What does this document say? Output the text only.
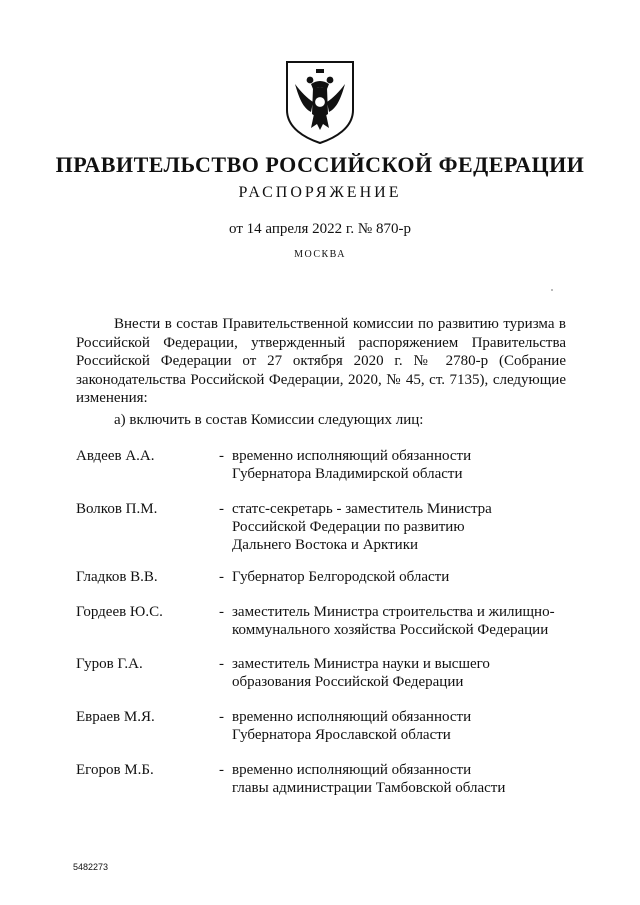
ПРАВИТЕЛЬСТВО РОССИЙСКОЙ ФЕДЕРАЦИИ
РАСПОРЯЖЕНИЕ
от 14 апреля 2022 г. № 870-р
МОСКВА

Внести в состав Правительственной комиссии по развитию туризма в Российской Федерации, утвержденный распоряжением Правительства Российской Федерации от 27 октября 2020 г. № 2780-р (Собрание законодательства Российской Федерации, 2020, № 45, ст. 7135), следующие изменения:

а) включить в состав Комиссии следующих лиц:
Авдеев А.А.	- временно исполняющий обязанности
Губернатора Владимирской области
Волков П.М.	- статс-секретарь - заместитель Министра
Российской Федерации по развитию
Дальнего Востока и Арктики
Гладков В.В.	- Губернатор Белгородской области
Гордеев Ю.С.	- заместитель Министра строительства и жилищно-
коммунального хозяйства Российской Федерации
Гуров Г.А.	- заместитель Министра науки и высшего
образования Российской Федерации
Евраев М.Я.	- временно исполняющий обязанности
Губернатора Ярославской области
Егоров М.Б.	- временно исполняющий обязанности
главы администрации Тамбовской области
5482273
